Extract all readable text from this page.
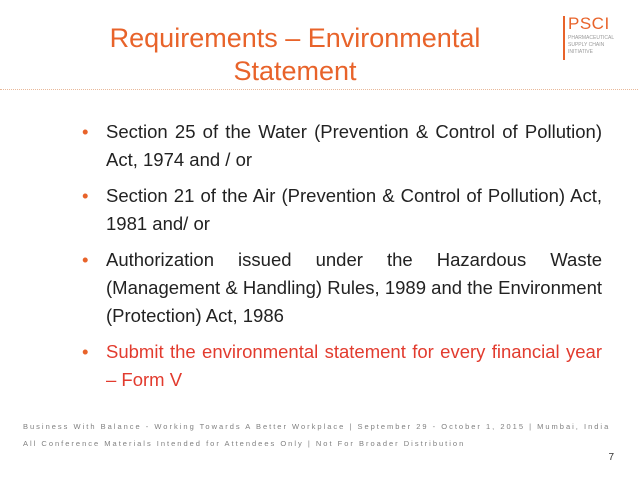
Requirements – Environmental
Statement
PSCI
PHARMACEUTICAL
SUPPLY CHAIN
INITIATIVE
• Section 25 of the Water (Prevention & Control of Pollution) Act, 1974 and / or
• Section 21 of the Air (Prevention & Control of Pollution) Act, 1981 and/ or
• Authorization issued under the Hazardous Waste (Management & Handling) Rules, 1989 and the Environment (Protection) Act, 1986
• Submit the environmental statement for every financial year – Form V
Business With Balance - Working Towards A Better Workplace | September 29 - October 1, 2015 | Mumbai, India
All Conference Materials Intended for Attendees Only | Not For Broader Distribution
7
